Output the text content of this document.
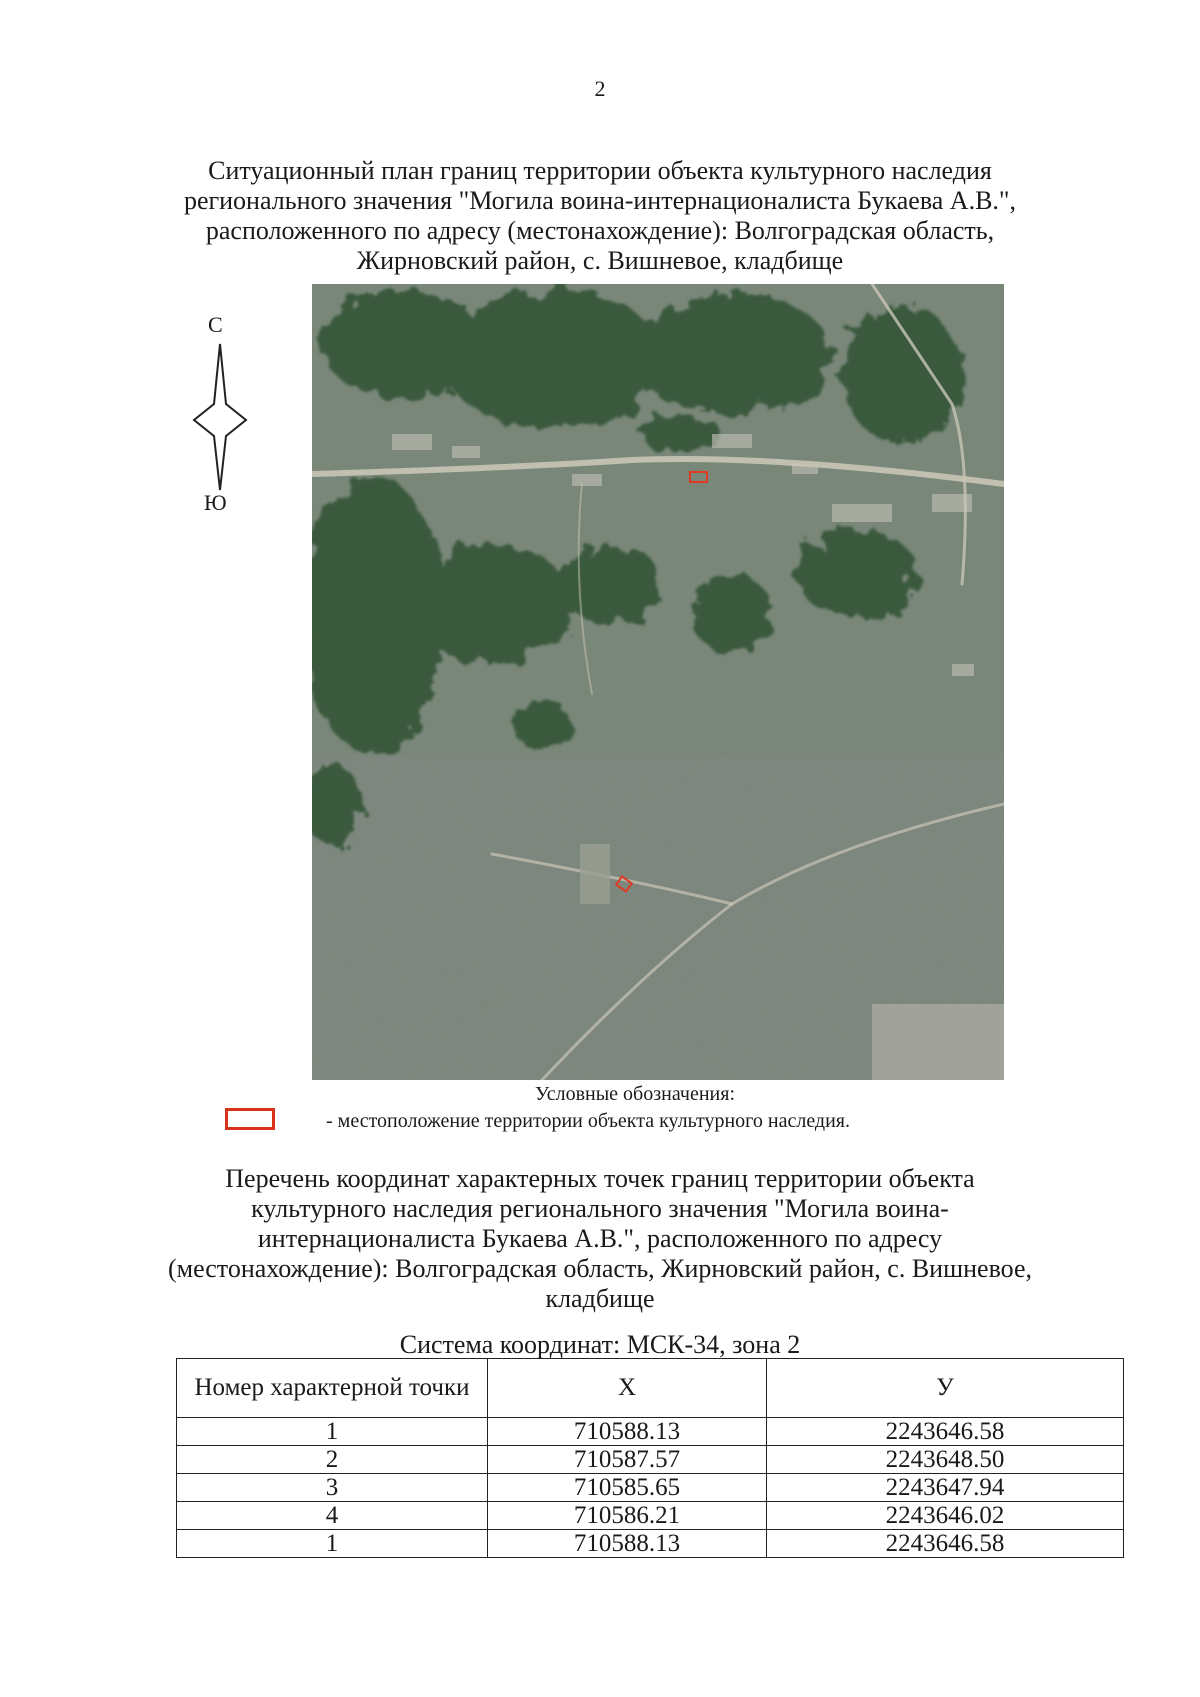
2
Ситуационный план границ территории объекта культурного наследия
регионального значения "Могила воина-интернационалиста Букаева А.В.",
расположенного по адресу (местонахождение): Волгоградская область,
Жирновский район, с. Вишневое, кладбище
С
Ю
Условные обозначения:
- местоположение территории объекта культурного наследия.
Перечень координат характерных точек границ территории объекта
культурного наследия регионального значения "Могила воина-
интернационалиста Букаева А.В.", расположенного по адресу
(местонахождение): Волгоградская область, Жирновский район, с. Вишневое,
кладбище
Система координат: МСК-34, зона 2
Номер характерной точки	X	У
1	710588.13	2243646.58
2	710587.57	2243648.50
3	710585.65	2243647.94
4	710586.21	2243646.02
1	710588.13	2243646.58
